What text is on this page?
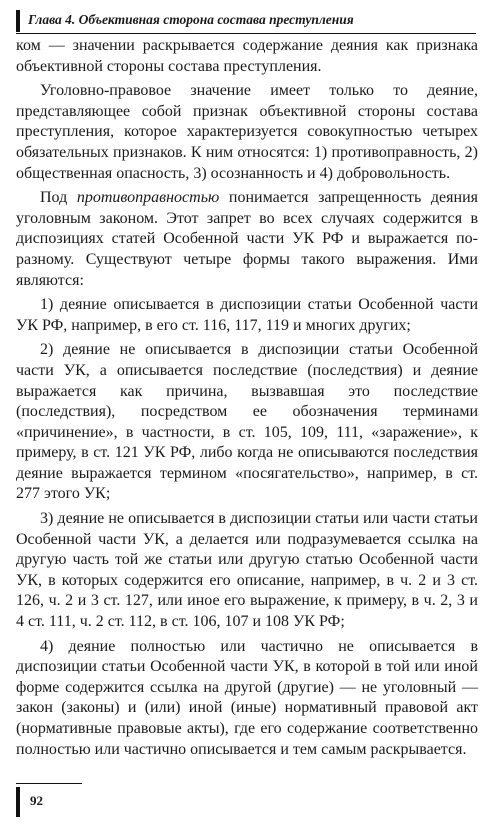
Глава 4. Объективная сторона состава преступления

ком — значении раскрывается содержание деяния как признака объективной стороны состава преступления.

Уголовно-правовое значение имеет только то деяние, представляющее собой признак объективной стороны состава преступления, которое характеризуется совокупностью четырех обязательных признаков. К ним относятся: 1) противоправность, 2) общественная опасность, 3) осознанность и 4) добровольность.

Под противоправностью понимается запрещенность деяния уголовным законом. Этот запрет во всех случаях содержится в диспозициях статей Особенной части УК РФ и выражается по-разному. Существуют четыре формы такого выражения. Ими являются:

1) деяние описывается в диспозиции статьи Особенной части УК РФ, например, в его ст. 116, 117, 119 и многих других;

2) деяние не описывается в диспозиции статьи Особенной части УК, а описывается последствие (последствия) и деяние выражается как причина, вызвавшая это последствие (последствия), посредством ее обозначения терминами «причинение», в частности, в ст. 105, 109, 111, «заражение», к примеру, в ст. 121 УК РФ, либо когда не описываются последствия деяние выражается термином «посягательство», например, в ст. 277 этого УК;

3) деяние не описывается в диспозиции статьи или части статьи Особенной части УК, а делается или подразумевается ссылка на другую часть той же статьи или другую статью Особенной части УК, в которых содержится его описание, например, в ч. 2 и 3 ст. 126, ч. 2 и 3 ст. 127, или иное его выражение, к примеру, в ч. 2, 3 и 4 ст. 111, ч. 2 ст. 112, в ст. 106, 107 и 108 УК РФ;

4) деяние полностью или частично не описывается в диспозиции статьи Особенной части УК, в которой в той или иной форме содержится ссылка на другой (другие) — не уголовный — закон (законы) и (или) иной (иные) нормативный правовой акт (нормативные правовые акты), где его содержание соответственно полностью или частично описывается и тем самым раскрывается.

92
